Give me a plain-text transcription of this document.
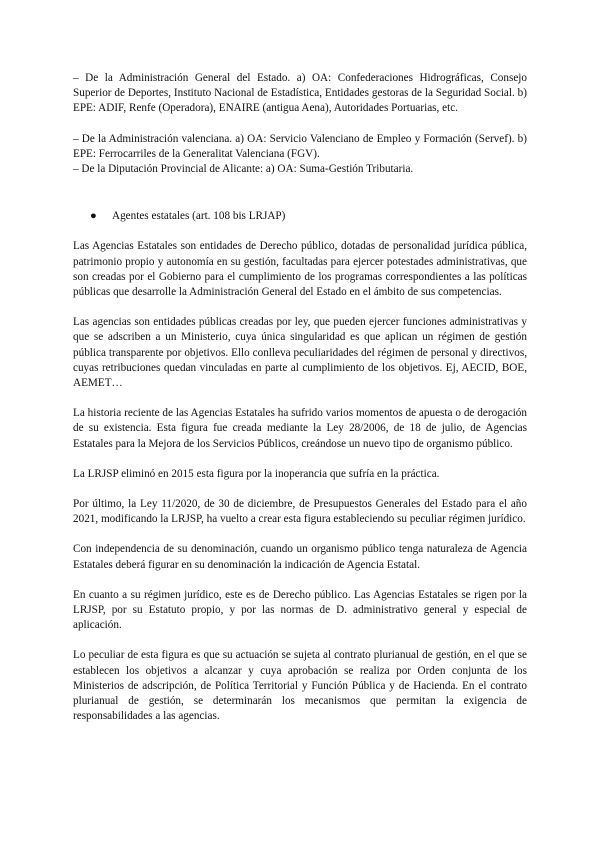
– De la Administración General del Estado. a) OA: Confederaciones Hidrográficas, Consejo Superior de Deportes, Instituto Nacional de Estadística, Entidades gestoras de la Seguridad Social. b) EPE: ADIF, Renfe (Operadora), ENAIRE (antigua Aena), Autoridades Portuarias, etc.

– De la Administración valenciana. a) OA: Servicio Valenciano de Empleo y Formación (Servef). b) EPE: Ferrocarriles de la Generalitat Valenciana (FGV).

– De la Diputación Provincial de Alicante: a) OA: Suma-Gestión Tributaria.

●	Agentes estatales (art. 108 bis LRJAP)

Las Agencias Estatales son entidades de Derecho público, dotadas de personalidad jurídica pública, patrimonio propio y autonomía en su gestión, facultadas para ejercer potestades administrativas, que son creadas por el Gobierno para el cumplimiento de los programas correspondientes a las políticas públicas que desarrolle la Administración General del Estado en el ámbito de sus competencias.

Las agencias son entidades públicas creadas por ley, que pueden ejercer funciones administrativas y que se adscriben a un Ministerio, cuya única singularidad es que aplican un régimen de gestión pública transparente por objetivos. Ello conlleva peculiaridades del régimen de personal y directivos, cuyas retribuciones quedan vinculadas en parte al cumplimiento de los objetivos. Ej, AECID, BOE, AEMET…

La historia reciente de las Agencias Estatales ha sufrido varios momentos de apuesta o de derogación de su existencia. Esta figura fue creada mediante la Ley 28/2006, de 18 de julio, de Agencias Estatales para la Mejora de los Servicios Públicos, creándose un nuevo tipo de organismo público.

La LRJSP eliminó en 2015 esta figura por la inoperancia que sufría en la práctica.

Por último, la Ley 11/2020, de 30 de diciembre, de Presupuestos Generales del Estado para el año 2021, modificando la LRJSP, ha vuelto a crear esta figura estableciendo su peculiar régimen jurídico.

Con independencia de su denominación, cuando un organismo público tenga naturaleza de Agencia Estatales deberá figurar en su denominación la indicación de Agencia Estatal.

En cuanto a su régimen jurídico, este es de Derecho público. Las Agencias Estatales se rigen por la LRJSP, por su Estatuto propio, y por las normas de D. administrativo general y especial de aplicación.

Lo peculiar de esta figura es que su actuación se sujeta al contrato plurianual de gestión, en el que se establecen los objetivos a alcanzar y cuya aprobación se realiza por Orden conjunta de los Ministerios de adscripción, de Política Territorial y Función Pública y de Hacienda. En el contrato plurianual de gestión, se determinarán los mecanismos que permitan la exigencia de responsabilidades a las agencias.
